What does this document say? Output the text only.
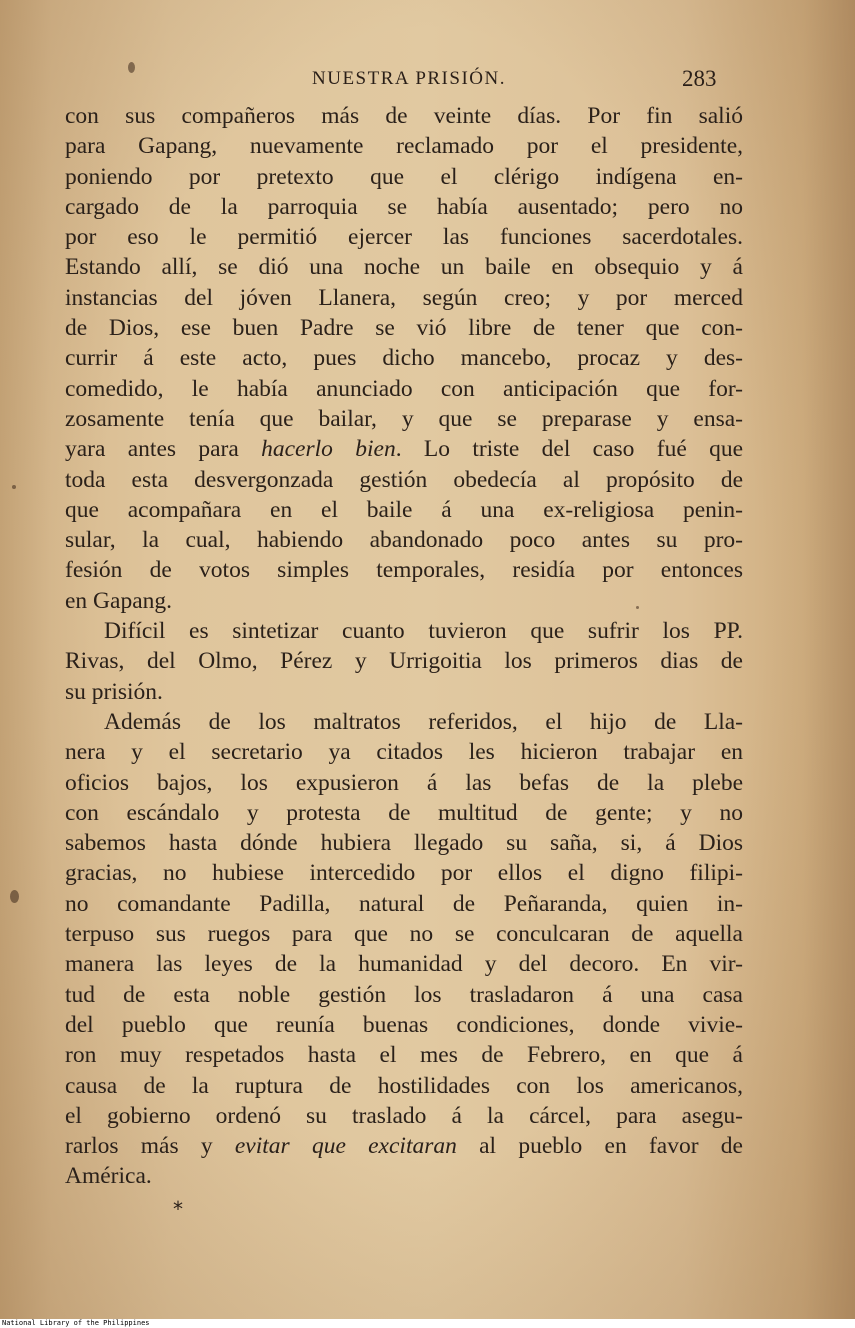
NUESTRA PRISIÓN.	283
con sus compañeros más de veinte días. Por fin salió
para Gapang, nuevamente reclamado por el presidente,
poniendo por pretexto que el clérigo indígena en-
cargado de la parroquia se había ausentado; pero no
por eso le permitió ejercer las funciones sacerdotales.
Estando allí, se dió una noche un baile en obsequio y á
instancias del jóven Llanera, según creo; y por merced
de Dios, ese buen Padre se vió libre de tener que con-
currir á este acto, pues dicho mancebo, procaz y des-
comedido, le había anunciado con anticipación que for-
zosamente tenía que bailar, y que se preparase y ensa-
yara antes para hacerlo bien. Lo triste del caso fué que
toda esta desvergonzada gestión obedecía al propósito de
que acompañara en el baile á una ex-religiosa penin-
sular, la cual, habiendo abandonado poco antes su pro-
fesión de votos simples temporales, residía por entonces
en Gapang.
Difícil es sintetizar cuanto tuvieron que sufrir los PP.
Rivas, del Olmo, Pérez y Urrigoitia los primeros dias de
su prisión.
Además de los maltratos referidos, el hijo de Lla-
nera y el secretario ya citados les hicieron trabajar en
oficios bajos, los expusieron á las befas de la plebe
con escándalo y protesta de multitud de gente; y no
sabemos hasta dónde hubiera llegado su saña, si, á Dios
gracias, no hubiese intercedido por ellos el digno filipi-
no comandante Padilla, natural de Peñaranda, quien in-
terpuso sus ruegos para que no se conculcaran de aquella
manera las leyes de la humanidad y del decoro. En vir-
tud de esta noble gestión los trasladaron á una casa
del pueblo que reunía buenas condiciones, donde vivie-
ron muy respetados hasta el mes de Febrero, en que á
causa de la ruptura de hostilidades con los americanos,
el gobierno ordenó su traslado á la cárcel, para asegu-
rarlos más y evitar que excitaran al pueblo en favor de
América.
*
National Library of the Philippines
